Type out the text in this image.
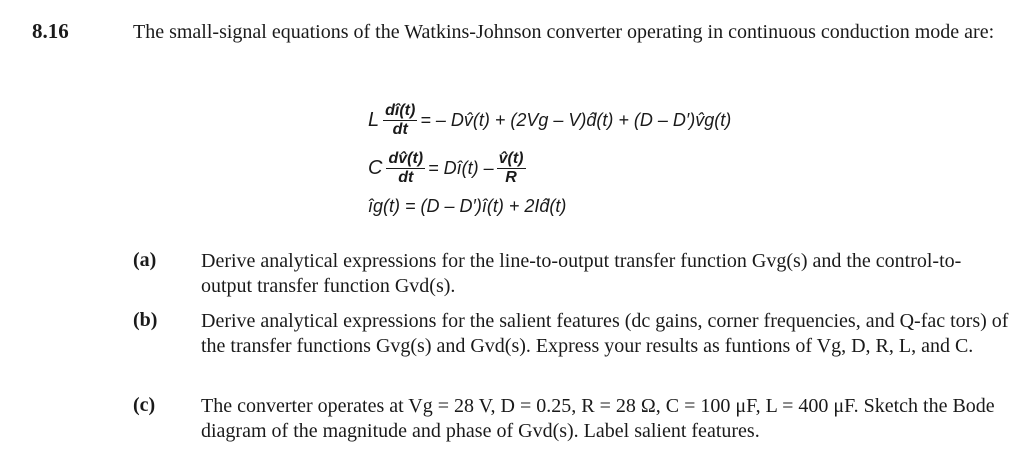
8.16	The small-signal equations of the Watkins-Johnson converter operating in continuous conduction mode are:
L $\frac{dî(t)}{dt}$ = – Dv̂(t) + (2Vg – V)d̂(t) + (D – D′)v̂g(t)
C $\frac{dv̂(t)}{dt}$ = Dî(t) – $\frac{v̂(t)}{R}$
îg(t) = (D – D′)î(t) + 2Id̂(t)
(a) Derive analytical expressions for the line-to-output transfer function Gvg(s) and the control-to-output transfer function Gvd(s).
(b) Derive analytical expressions for the salient features (dc gains, corner frequencies, and Q-fac tors) of the transfer functions Gvg(s) and Gvd(s). Express your results as funtions of Vg, D, R, L, and C.
(c) The converter operates at Vg = 28 V, D = 0.25, R = 28 Ω, C = 100 μF, L = 400 μF. Sketch the Bode diagram of the magnitude and phase of Gvd(s). Label salient features.
